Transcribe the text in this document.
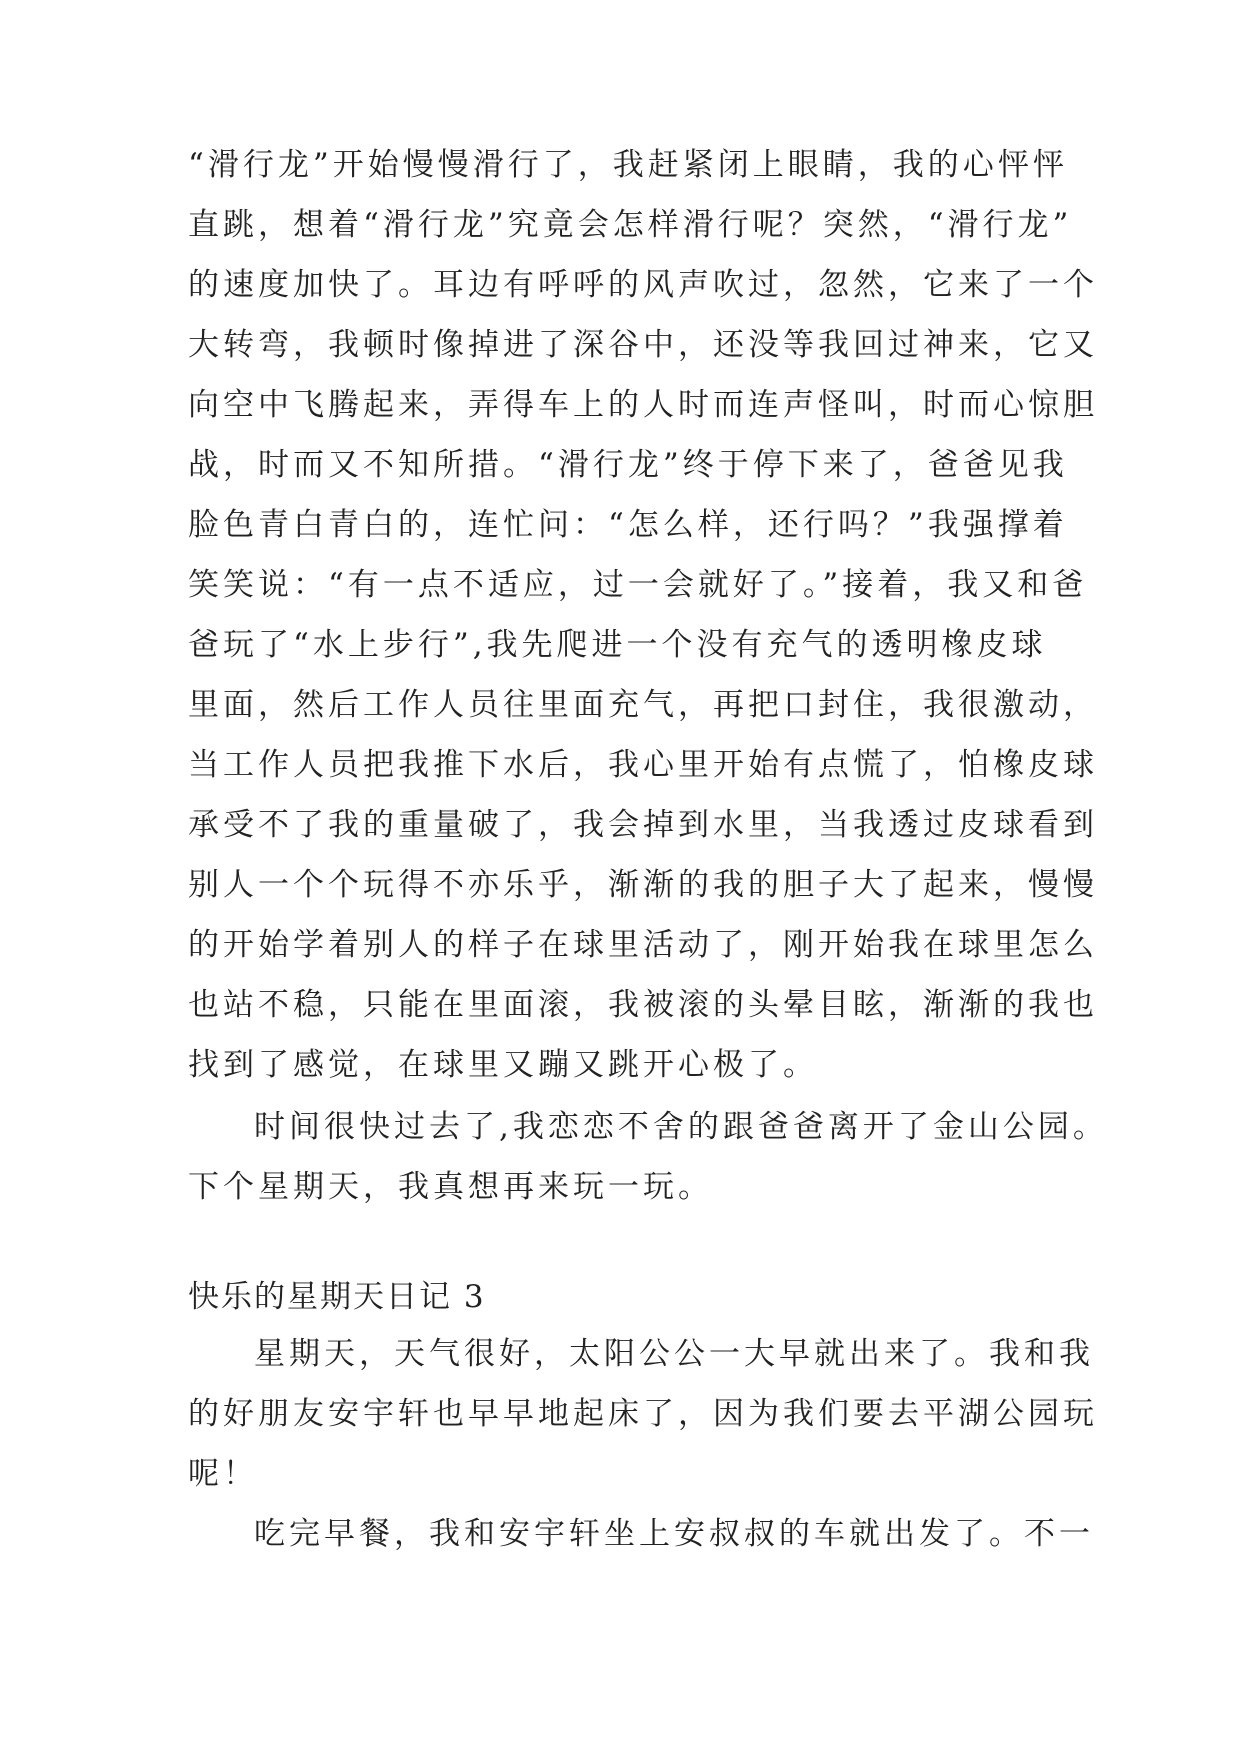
“滑行龙”开始慢慢滑行了，我赶紧闭上眼睛，我的心怦怦
直跳，想着“滑行龙”究竟会怎样滑行呢？突然，“滑行龙”
的速度加快了。耳边有呼呼的风声吹过，忽然，它来了一个
大转弯，我顿时像掉进了深谷中，还没等我回过神来，它又
向空中飞腾起来，弄得车上的人时而连声怪叫，时而心惊胆
战，时而又不知所措。“滑行龙”终于停下来了，爸爸见我
脸色青白青白的，连忙问：“怎么样，还行吗？”我强撑着
笑笑说：“有一点不适应，过一会就好了。”接着，我又和爸
爸玩了“水上步行”,我先爬进一个没有充气的透明橡皮球
里面，然后工作人员往里面充气，再把口封住，我很激动，
当工作人员把我推下水后，我心里开始有点慌了，怕橡皮球
承受不了我的重量破了，我会掉到水里，当我透过皮球看到
别人一个个玩得不亦乐乎，渐渐的我的胆子大了起来，慢慢
的开始学着别人的样子在球里活动了，刚开始我在球里怎么
也站不稳，只能在里面滚，我被滚的头晕目眩，渐渐的我也
找到了感觉，在球里又蹦又跳开心极了。
时间很快过去了,我恋恋不舍的跟爸爸离开了金山公园。
下个星期天，我真想再来玩一玩。
快乐的星期天日记 3
星期天，天气很好，太阳公公一大早就出来了。我和我
的好朋友安宇轩也早早地起床了，因为我们要去平湖公园玩
呢！
吃完早餐，我和安宇轩坐上安叔叔的车就出发了。不一
